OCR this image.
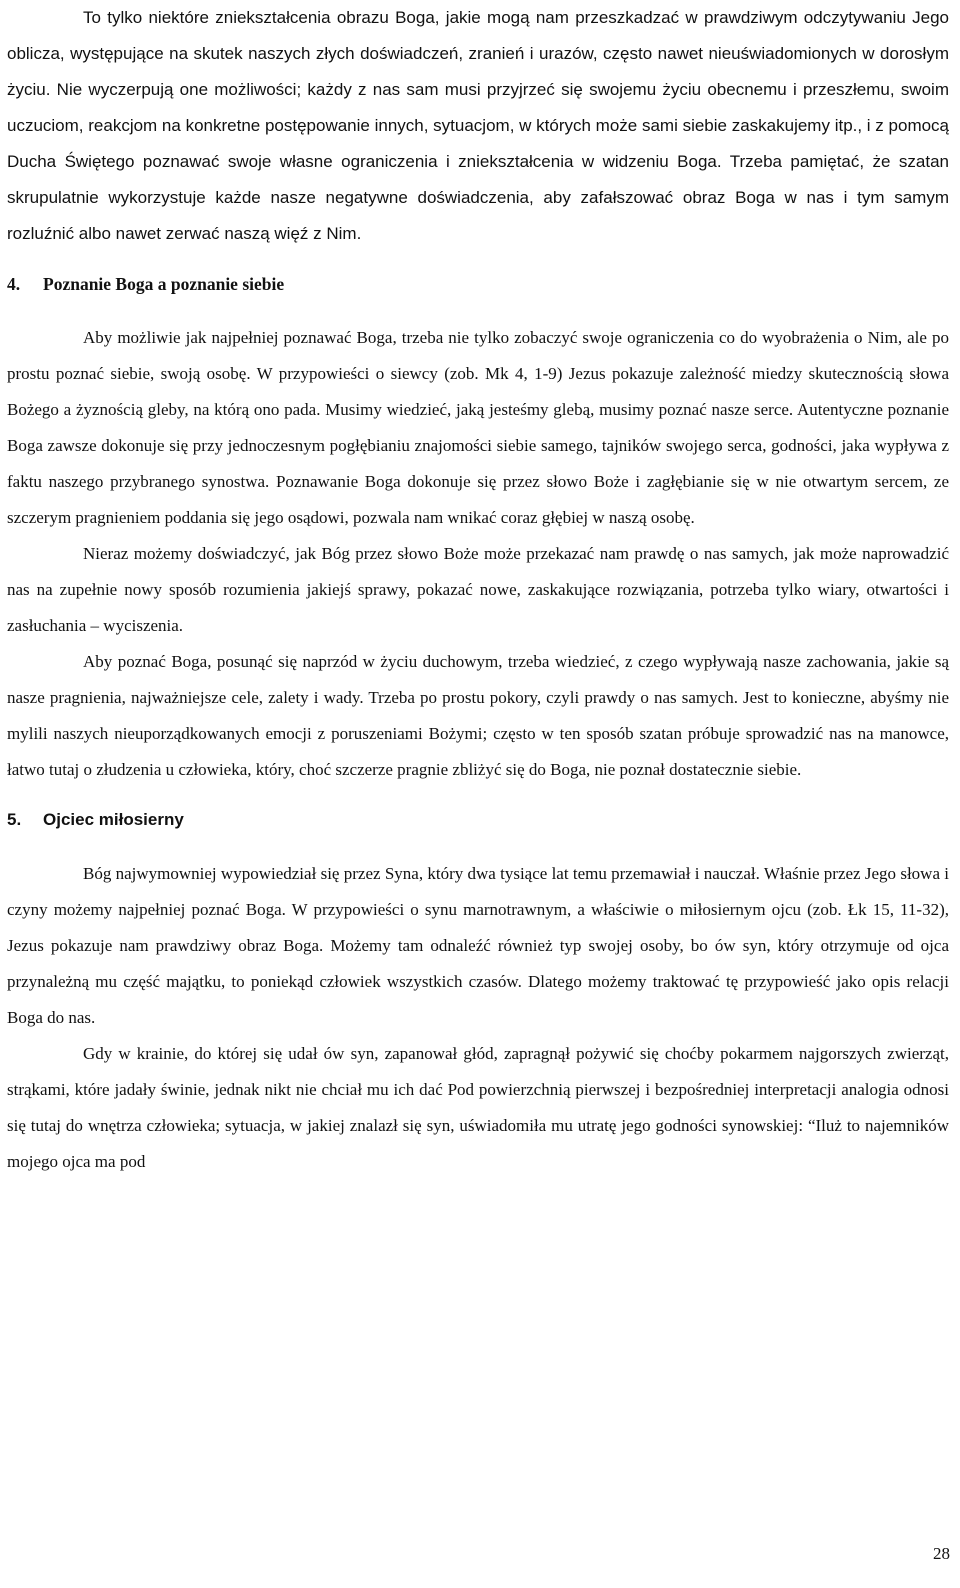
To tylko niektóre zniekształcenia obrazu Boga, jakie mogą nam przeszkadzać w prawdziwym odczytywaniu Jego oblicza, występujące na skutek naszych złych doświadczeń, zranień i urazów, często nawet nieuświadomionych w dorosłym życiu. Nie wyczerpują one możliwości; każdy z nas sam musi przyjrzeć się swojemu życiu obecnemu i przeszłemu, swoim uczuciom, reakcjom na konkretne postępowanie innych, sytuacjom, w których może sami siebie zaskakujemy itp., i z pomocą Ducha Świętego poznawać swoje własne ograniczenia i zniekształcenia w widzeniu Boga. Trzeba pamiętać, że szatan skrupulatnie wykorzystuje każde nasze negatywne doświadczenia, aby zafałszować obraz Boga w nas i tym samym rozluźnić albo nawet zerwać naszą więź z Nim.

4. Poznanie Boga a poznanie siebie

Aby możliwie jak najpełniej poznawać Boga, trzeba nie tylko zobaczyć swoje ograniczenia co do wyobrażenia o Nim, ale po prostu poznać siebie, swoją osobę. W przypowieści o siewcy (zob. Mk 4, 1-9) Jezus pokazuje zależność miedzy skutecznością słowa Bożego a żyznością gleby, na którą ono pada. Musimy wiedzieć, jaką jesteśmy glebą, musimy poznać nasze serce. Autentyczne poznanie Boga zawsze dokonuje się przy jednoczesnym pogłębianiu znajomości siebie samego, tajników swojego serca, godności, jaka wypływa z faktu naszego przybranego synostwa. Poznawanie Boga dokonuje się przez słowo Boże i zagłębianie się w nie otwartym sercem, ze szczerym pragnieniem poddania się jego osądowi, pozwala nam wnikać coraz głębiej w naszą osobę.

Nieraz możemy doświadczyć, jak Bóg przez słowo Boże może przekazać nam prawdę o nas samych, jak może naprowadzić nas na zupełnie nowy sposób rozumienia jakiejś sprawy, pokazać nowe, zaskakujące rozwiązania, potrzeba tylko wiary, otwartości i zasłuchania – wyciszenia.

Aby poznać Boga, posunąć się naprzód w życiu duchowym, trzeba wiedzieć, z czego wypływają nasze zachowania, jakie są nasze pragnienia, najważniejsze cele, zalety i wady. Trzeba po prostu pokory, czyli prawdy o nas samych. Jest to konieczne, abyśmy nie mylili naszych nieuporządkowanych emocji z poruszeniami Bożymi; często w ten sposób szatan próbuje sprowadzić nas na manowce, łatwo tutaj o złudzenia u człowieka, który, choć szczerze pragnie zbliżyć się do Boga, nie poznał dostatecznie siebie.

5. Ojciec miłosierny

Bóg najwymowniej wypowiedział się przez Syna, który dwa tysiące lat temu przemawiał i nauczał. Właśnie przez Jego słowa i czyny możemy najpełniej poznać Boga. W przypowieści o synu marnotrawnym, a właściwie o miłosiernym ojcu (zob. Łk 15, 11-32), Jezus pokazuje nam prawdziwy obraz Boga. Możemy tam odnaleźć również typ swojej osoby, bo ów syn, który otrzymuje od ojca przynależną mu część majątku, to poniekąd człowiek wszystkich czasów. Dlatego możemy traktować tę przypowieść jako opis relacji Boga do nas.

Gdy w krainie, do której się udał ów syn, zapanował głód, zapragnął pożywić się choćby pokarmem najgorszych zwierząt, strąkami, które jadały świnie, jednak nikt nie chciał mu ich dać Pod powierzchnią pierwszej i bezpośredniej interpretacji analogia odnosi się tutaj do wnętrza człowieka; sytuacja, w jakiej znalazł się syn, uświadomiła mu utratę jego godności synowskiej: “Iluż to najemników mojego ojca ma pod

28
